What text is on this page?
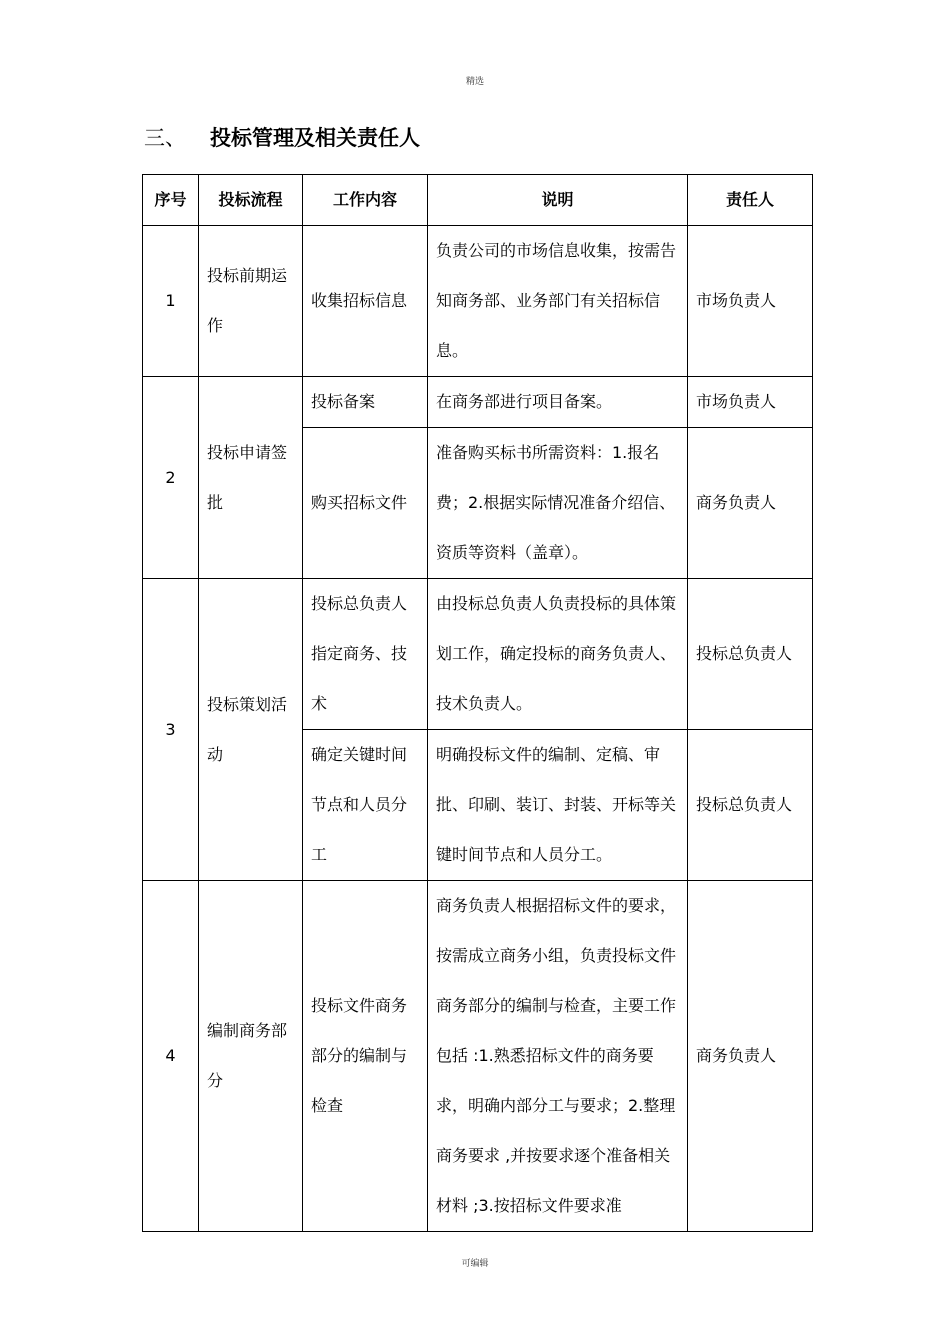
精选
三、 投标管理及相关责任人
序号	投标流程	工作内容	说明	责任人
1	投标前期运作	收集招标信息	负责公司的市场信息收集，按需告知商务部、业务部门有关招标信息。	市场负责人
2	投标申请签批	投标备案	在商务部进行项目备案。	市场负责人
		购买招标文件	准备购买标书所需资料：1.报名费；2.根据实际情况准备介绍信、资质等资料（盖章）。	商务负责人
3	投标策划活动	投标总负责人指定商务、技术	由投标总负责人负责投标的具体策划工作，确定投标的商务负责人、技术负责人。	投标总负责人
		确定关键时间节点和人员分工	明确投标文件的编制、定稿、审批、印刷、装订、封装、开标等关键时间节点和人员分工。	投标总负责人
4	编制商务部分	投标文件商务部分的编制与检查	商务负责人根据招标文件的要求，按需成立商务小组，负责投标文件商务部分的编制与检查，主要工作包括 :1.熟悉招标文件的商务要求，明确内部分工与要求；2.整理商务要求 ,并按要求逐个准备相关材料 ;3.按招标文件要求准	商务负责人
可编辑
